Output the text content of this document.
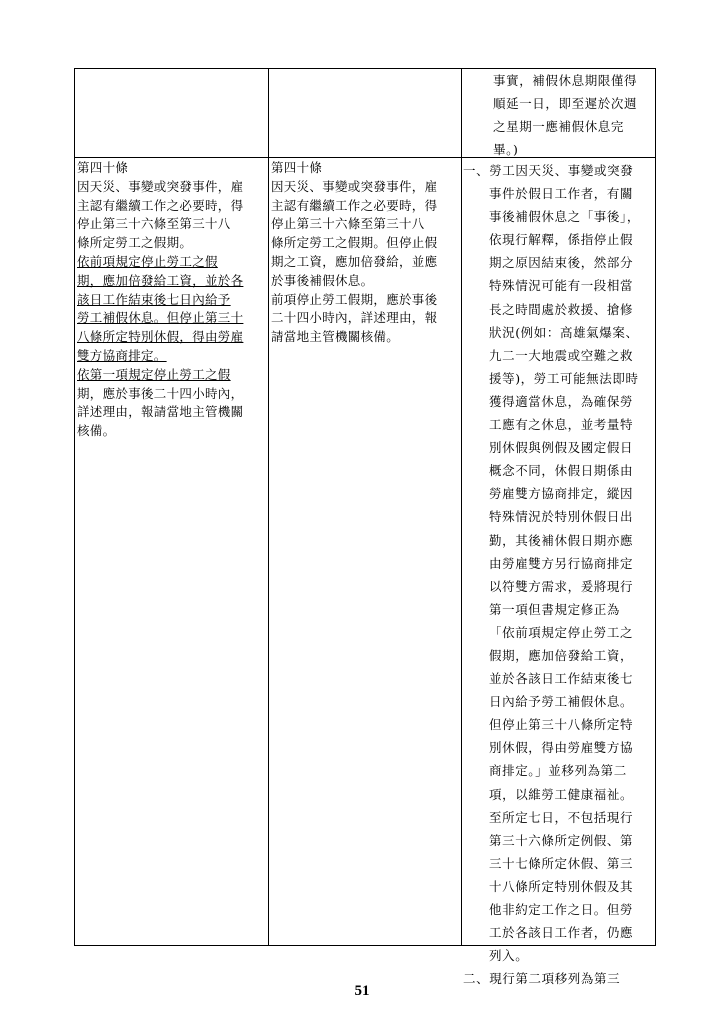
事實，補假休息期限僅得
順延一日，即至遲於次週
之星期一應補假休息完
畢。)
第四十條
因天災、事變或突發事件，雇
主認有繼續工作之必要時，得
停止第三十六條至第三十八
條所定勞工之假期。
依前項規定停止勞工之假
期，應加倍發給工資，並於各
該日工作結束後七日內給予
勞工補假休息。但停止第三十
八條所定特別休假，得由勞雇
雙方協商排定。
依第一項規定停止勞工之假
期，應於事後二十四小時內，
詳述理由，報請當地主管機關
核備。
第四十條
因天災、事變或突發事件，雇
主認有繼續工作之必要時，得
停止第三十六條至第三十八
條所定勞工之假期。但停止假
期之工資，應加倍發給，並應
於事後補假休息。
前項停止勞工假期，應於事後
二十四小時內，詳述理由，報
請當地主管機關核備。
一、勞工因天災、事變或突發
事件於假日工作者，有關
事後補假休息之「事後」，
依現行解釋，係指停止假
期之原因結束後，然部分
特殊情況可能有一段相當
長之時間處於救援、搶修
狀況(例如：高雄氣爆案、
九二一大地震或空難之救
援等)，勞工可能無法即時
獲得適當休息，為確保勞
工應有之休息，並考量特
別休假與例假及國定假日
概念不同，休假日期係由
勞雇雙方協商排定，縱因
特殊情況於特別休假日出
勤，其後補休假日期亦應
由勞雇雙方另行協商排定
以符雙方需求，爰將現行
第一項但書規定修正為
「依前項規定停止勞工之
假期，應加倍發給工資，
並於各該日工作結束後七
日內給予勞工補假休息。
但停止第三十八條所定特
別休假，得由勞雇雙方協
商排定。」並移列為第二
項，以維勞工健康福祉。
至所定七日，不包括現行
第三十六條所定例假、第
三十七條所定休假、第三
十八條所定特別休假及其
他非約定工作之日。但勞
工於各該日工作者，仍應
列入。
二、現行第二項移列為第三
51
